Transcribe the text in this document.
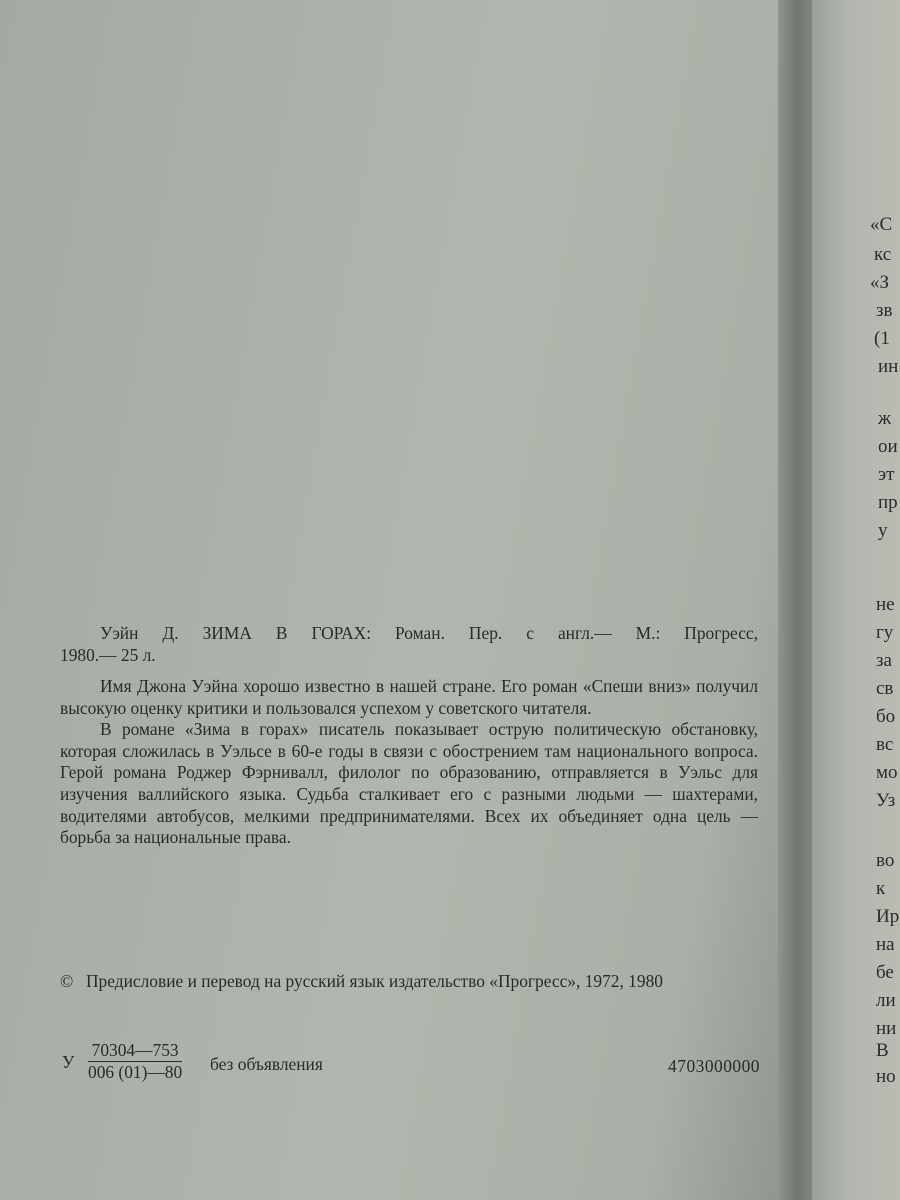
«С
кс
«З
зв
(1
ин
ж
ои
эт
пр
у
не
гу
за
св
бо
вс
мо
Уз
во
к
Ир
на
бе
ли
ни
В
но

Уэйн Д. ЗИМА В ГОРАХ: Роман. Пер. с англ.— М.: Прогресс,

1980.— 25 л.

Имя Джона Уэйна хорошо известно в нашей стране. Его роман «Спеши вниз» получил высокую оценку критики и пользовался успехом у советского читателя.

В романе «Зима в горах» писатель показывает острую политическую обстановку, которая сложилась в Уэльсе в 60-е годы в связи с обострением там национального вопроса. Герой романа Роджер Фэрнивалл, филолог по образованию, отправляется в Уэльс для изучения валлийского языка. Судьба сталкивает его с разными людьми — шахтерами, водителями автобусов, мелкими предпринимателями. Всех их объединяет одна цель — борьба за национальные права.

© Предисловие и перевод на русский язык издательство «Прогресс», 1972, 1980
У $\frac{70304—753}{006 (01)—80}$ без объявления	4703000000
